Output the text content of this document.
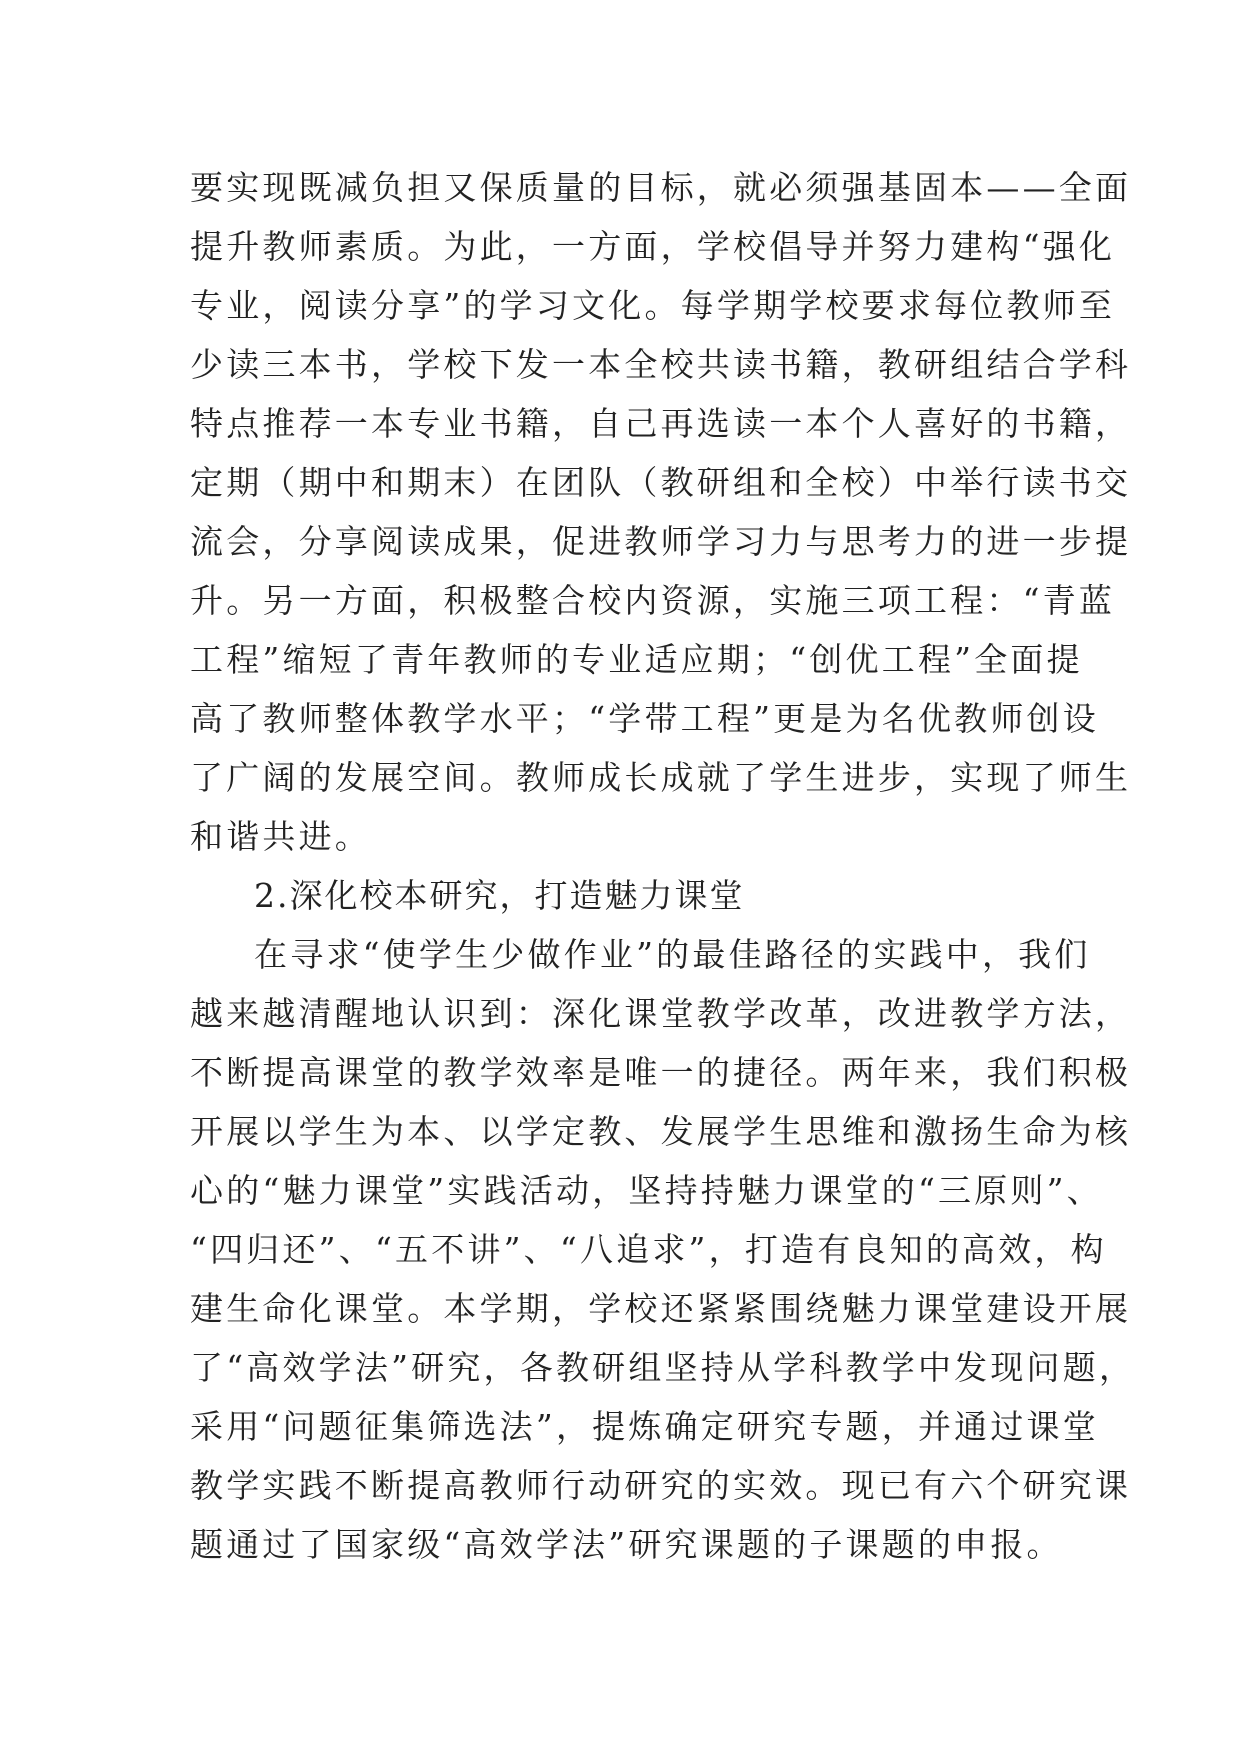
要实现既减负担又保质量的目标，就必须强基固本——全面

提升教师素质。为此，一方面，学校倡导并努力建构“强化

专业，阅读分享”的学习文化。每学期学校要求每位教师至

少读三本书，学校下发一本全校共读书籍，教研组结合学科

特点推荐一本专业书籍，自己再选读一本个人喜好的书籍，

定期（期中和期末）在团队（教研组和全校）中举行读书交

流会，分享阅读成果，促进教师学习力与思考力的进一步提

升。另一方面，积极整合校内资源，实施三项工程：“青蓝

工程”缩短了青年教师的专业适应期；“创优工程”全面提

高了教师整体教学水平；“学带工程”更是为名优教师创设

了广阔的发展空间。教师成长成就了学生进步，实现了师生

和谐共进。

2.深化校本研究，打造魅力课堂

在寻求“使学生少做作业”的最佳路径的实践中，我们

越来越清醒地认识到：深化课堂教学改革，改进教学方法，

不断提高课堂的教学效率是唯一的捷径。两年来，我们积极

开展以学生为本、以学定教、发展学生思维和激扬生命为核

心的“魅力课堂”实践活动，坚持持魅力课堂的“三原则”、

“四归还”、“五不讲”、“八追求”，打造有良知的高效，构

建生命化课堂。本学期，学校还紧紧围绕魅力课堂建设开展

了“高效学法”研究，各教研组坚持从学科教学中发现问题，

采用“问题征集筛选法”，提炼确定研究专题，并通过课堂

教学实践不断提高教师行动研究的实效。现已有六个研究课

题通过了国家级“高效学法”研究课题的子课题的申报。
